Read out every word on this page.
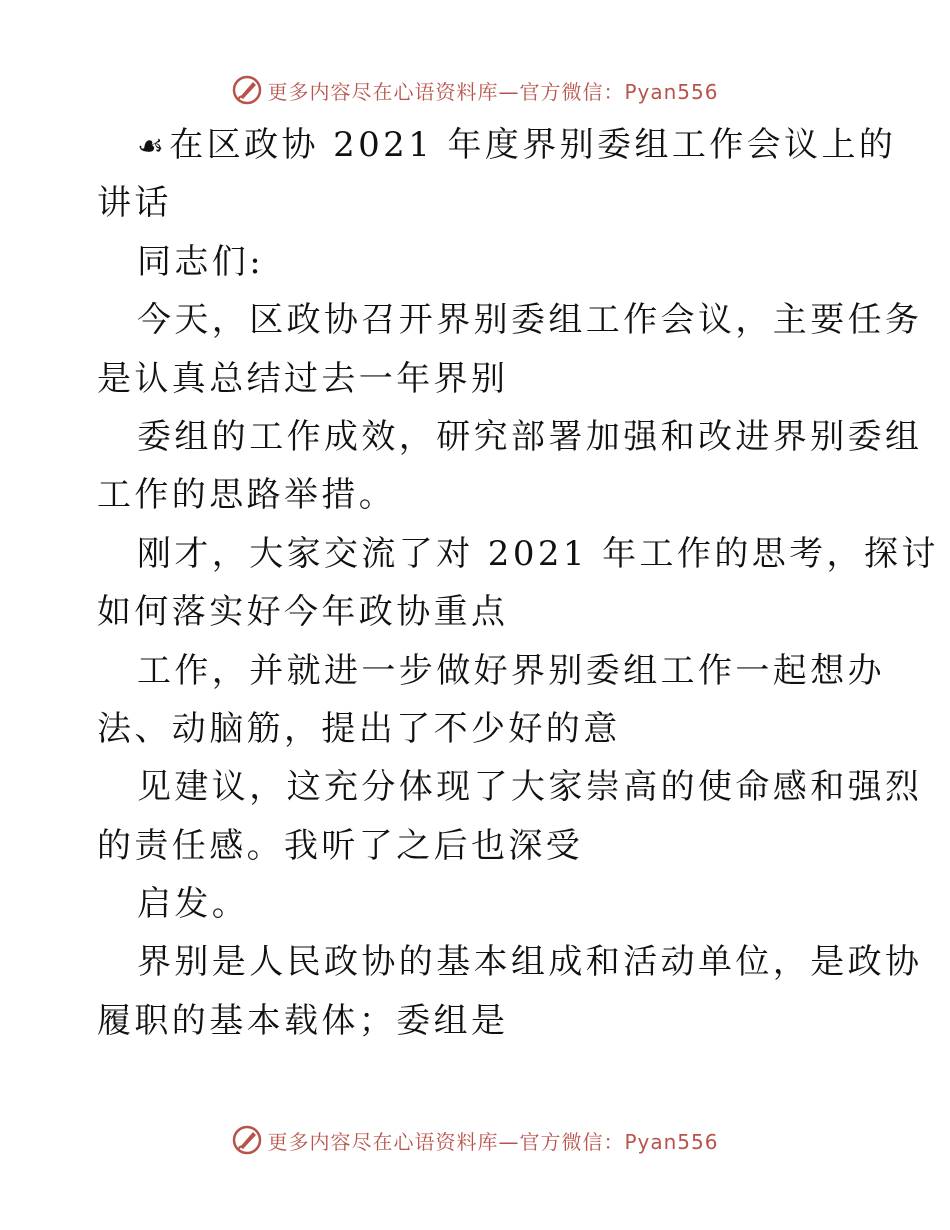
更多内容尽在心语资料库—官方微信：Pyan556
☙在区政协 2021 年度界别委组工作会议上的
讲话
同志们:
今天，区政协召开界别委组工作会议，主要任务
是认真总结过去一年界别
委组的工作成效，研究部署加强和改进界别委组
工作的思路举措。
刚才，大家交流了对 2021 年工作的思考，探讨
如何落实好今年政协重点
工作，并就进一步做好界别委组工作一起想办
法、动脑筋，提出了不少好的意
见建议，这充分体现了大家崇高的使命感和强烈
的责任感。我听了之后也深受
启发。
界别是人民政协的基本组成和活动单位，是政协
履职的基本载体；委组是
更多内容尽在心语资料库—官方微信：Pyan556
